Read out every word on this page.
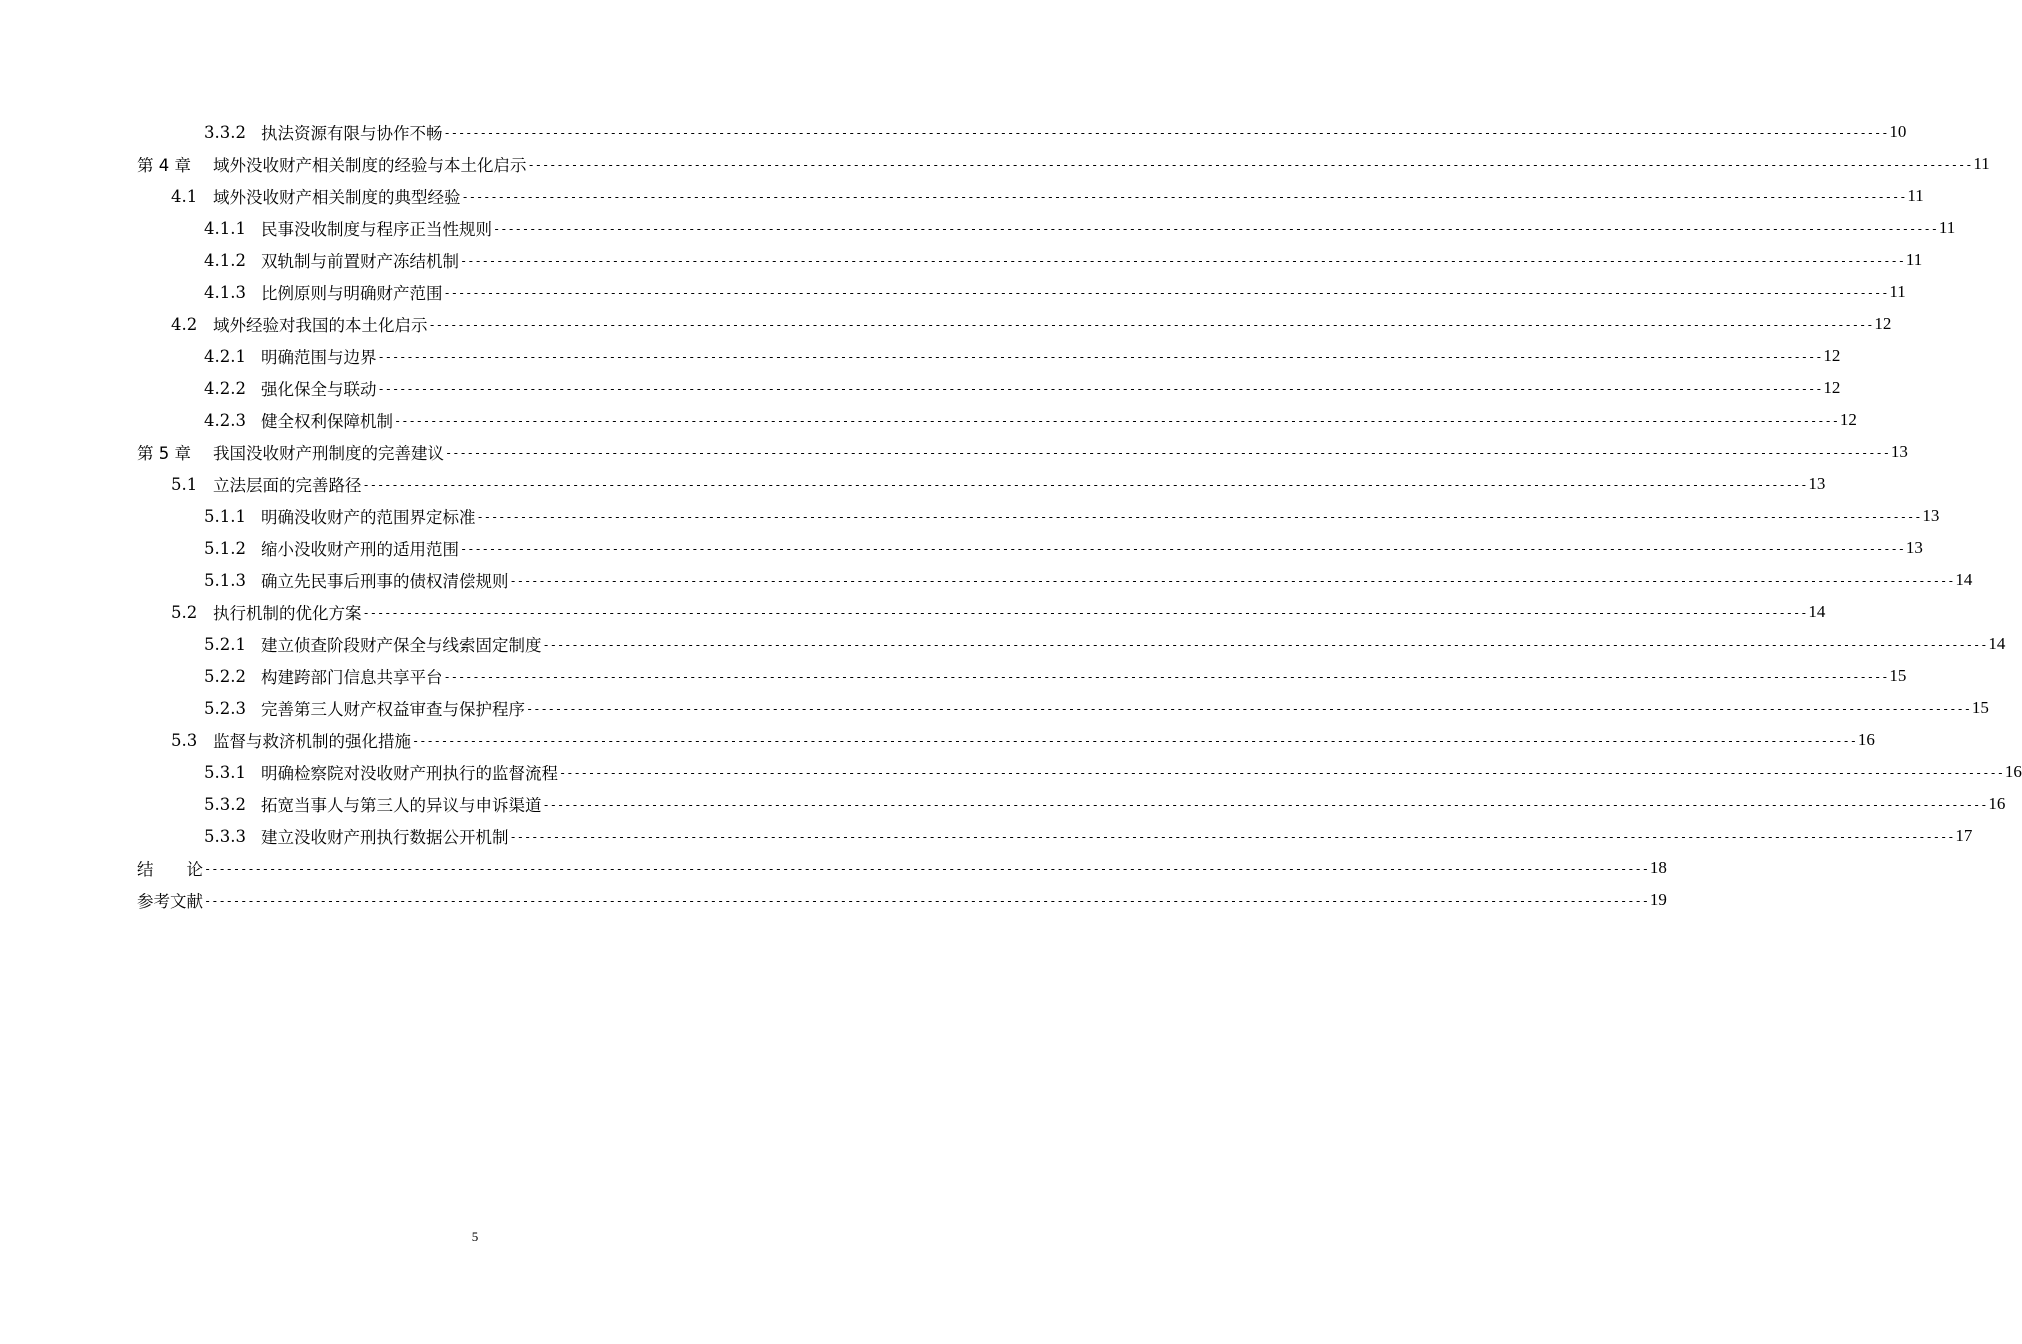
3.3.2 执法资源有限与协作不畅 -------------------------------------------------------------------------------------------------------------------------------------------------------------------------------------------------------- 10
第 4 章	域外没收财产相关制度的经验与本土化启示 -------------------------------------------------------------------------------------------------------------------------------------------------------------------------------------------------------- 11
4.1 域外没收财产相关制度的典型经验 -------------------------------------------------------------------------------------------------------------------------------------------------------------------------------------------------------- 11
4.1.1 民事没收制度与程序正当性规则 -------------------------------------------------------------------------------------------------------------------------------------------------------------------------------------------------------- 11
4.1.2 双轨制与前置财产冻结机制 -------------------------------------------------------------------------------------------------------------------------------------------------------------------------------------------------------- 11
4.1.3 比例原则与明确财产范围 -------------------------------------------------------------------------------------------------------------------------------------------------------------------------------------------------------- 11
4.2 域外经验对我国的本土化启示 -------------------------------------------------------------------------------------------------------------------------------------------------------------------------------------------------------- 12
4.2.1 明确范围与边界 -------------------------------------------------------------------------------------------------------------------------------------------------------------------------------------------------------- 12
4.2.2 强化保全与联动 -------------------------------------------------------------------------------------------------------------------------------------------------------------------------------------------------------- 12
4.2.3 健全权利保障机制 -------------------------------------------------------------------------------------------------------------------------------------------------------------------------------------------------------- 12
第 5 章	我国没收财产刑制度的完善建议 -------------------------------------------------------------------------------------------------------------------------------------------------------------------------------------------------------- 13
5.1 立法层面的完善路径 -------------------------------------------------------------------------------------------------------------------------------------------------------------------------------------------------------- 13
5.1.1 明确没收财产的范围界定标准 -------------------------------------------------------------------------------------------------------------------------------------------------------------------------------------------------------- 13
5.1.2 缩小没收财产刑的适用范围 -------------------------------------------------------------------------------------------------------------------------------------------------------------------------------------------------------- 13
5.1.3 确立先民事后刑事的债权清偿规则 -------------------------------------------------------------------------------------------------------------------------------------------------------------------------------------------------------- 14
5.2 执行机制的优化方案 -------------------------------------------------------------------------------------------------------------------------------------------------------------------------------------------------------- 14
5.2.1 建立侦查阶段财产保全与线索固定制度 -------------------------------------------------------------------------------------------------------------------------------------------------------------------------------------------------------- 14
5.2.2 构建跨部门信息共享平台 -------------------------------------------------------------------------------------------------------------------------------------------------------------------------------------------------------- 15
5.2.3 完善第三人财产权益审查与保护程序 -------------------------------------------------------------------------------------------------------------------------------------------------------------------------------------------------------- 15
5.3 监督与救济机制的强化措施 -------------------------------------------------------------------------------------------------------------------------------------------------------------------------------------------------------- 16
5.3.1 明确检察院对没收财产刑执行的监督流程 -------------------------------------------------------------------------------------------------------------------------------------------------------------------------------------------------------- 16
5.3.2 拓宽当事人与第三人的异议与申诉渠道 -------------------------------------------------------------------------------------------------------------------------------------------------------------------------------------------------------- 16
5.3.3 建立没收财产刑执行数据公开机制 -------------------------------------------------------------------------------------------------------------------------------------------------------------------------------------------------------- 17
结　　论 -------------------------------------------------------------------------------------------------------------------------------------------------------------------------------------------------------- 18
参考文献 -------------------------------------------------------------------------------------------------------------------------------------------------------------------------------------------------------- 19
5
